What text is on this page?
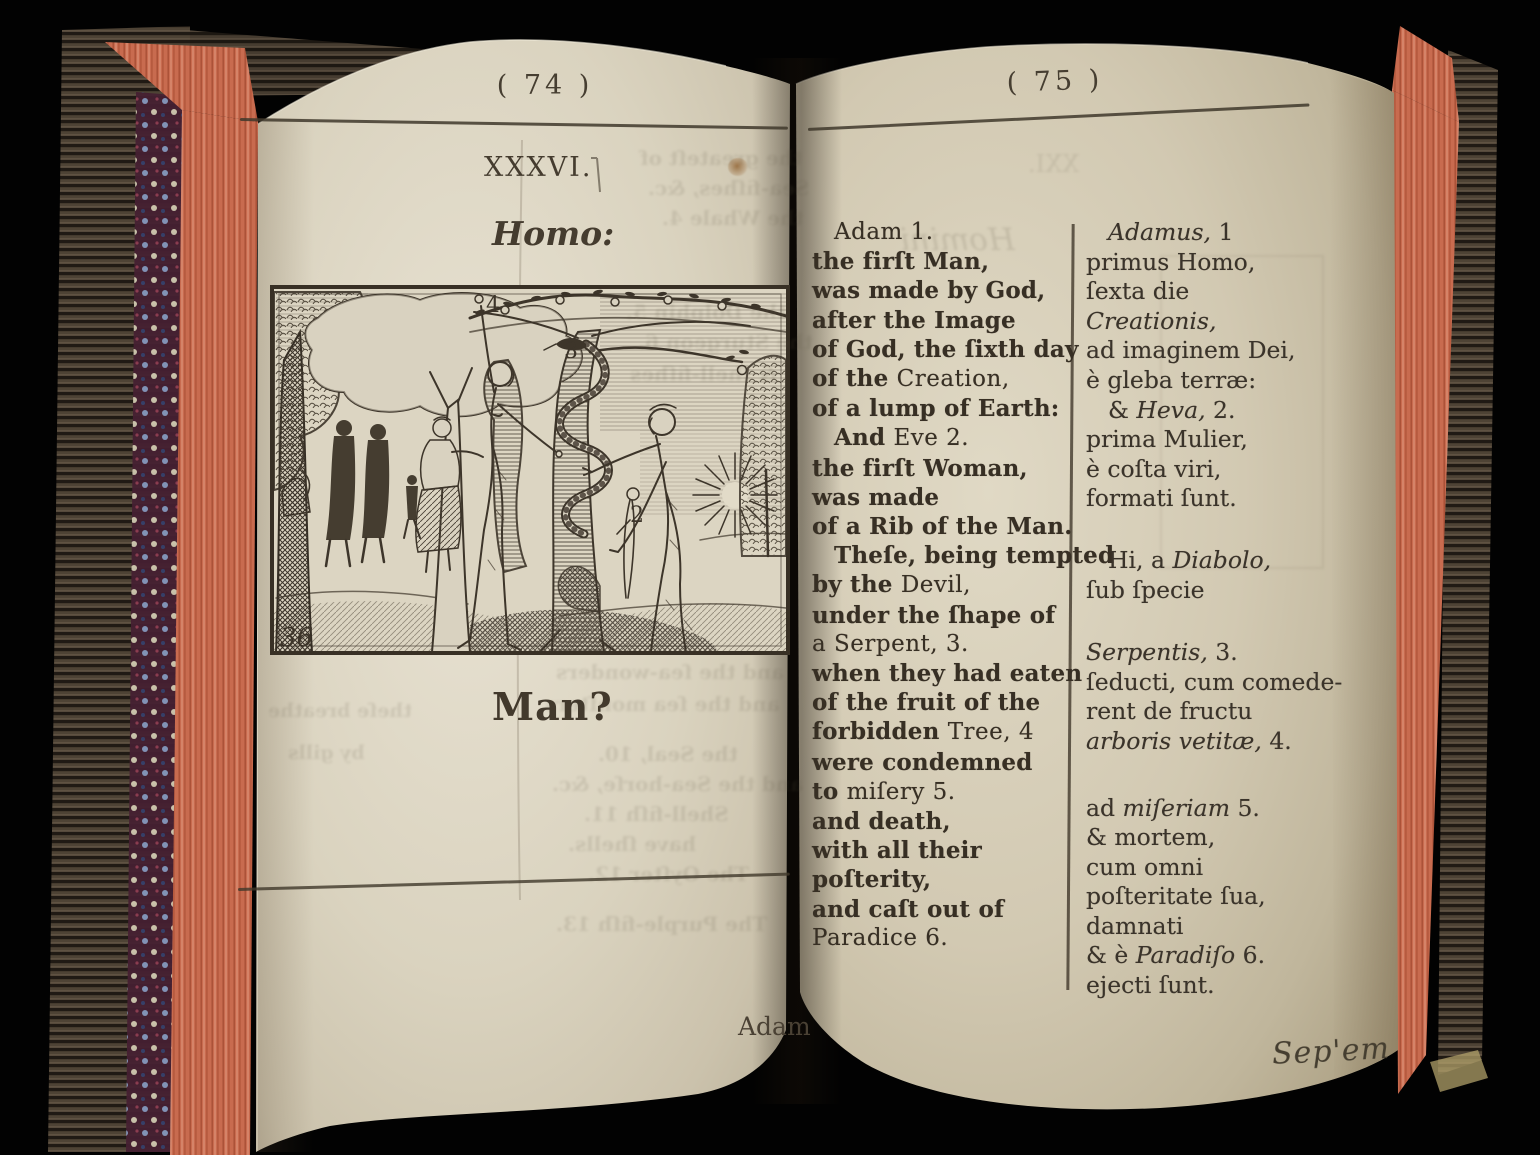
4
3
2
36
( 74 )
XXXVI.
Homo:
Man?
Adam
( 75 )
Adam 1.
the firſt Man,
was made by God,
after the Image
of God, the ſixth day
of the Creation,
of a lump of Earth:
And Eve 2.
the firſt Woman,
was made
of a Rib of the Man.
Theſe, being tempted
by the Devil,
under the ſhape of
a Serpent, 3.
when they had eaten
of the fruit of the
forbidden Tree, 4
were condemned
to miſery 5.
and death,
with all their
poſterity,
and caſt out of
Paradice 6.
Adamus, 1
primus Homo,
ſexta die
Creationis,
ad imaginem Dei,
è gleba terræ:
& Heva, 2.
prima Mulier,
è coſta viri,
formati ſunt.
Hi, a Diabolo,
ſub ſpecie
Serpentis, 3.
ſeducti, cum comede-
rent de fructu
arboris vetitæ, 4.
ad miſeriam 5.
& mortem,
cum omni
poſteritate ſua,
damnati
& è Paradiſo 6.
ejecti ſunt.
Sep'em
